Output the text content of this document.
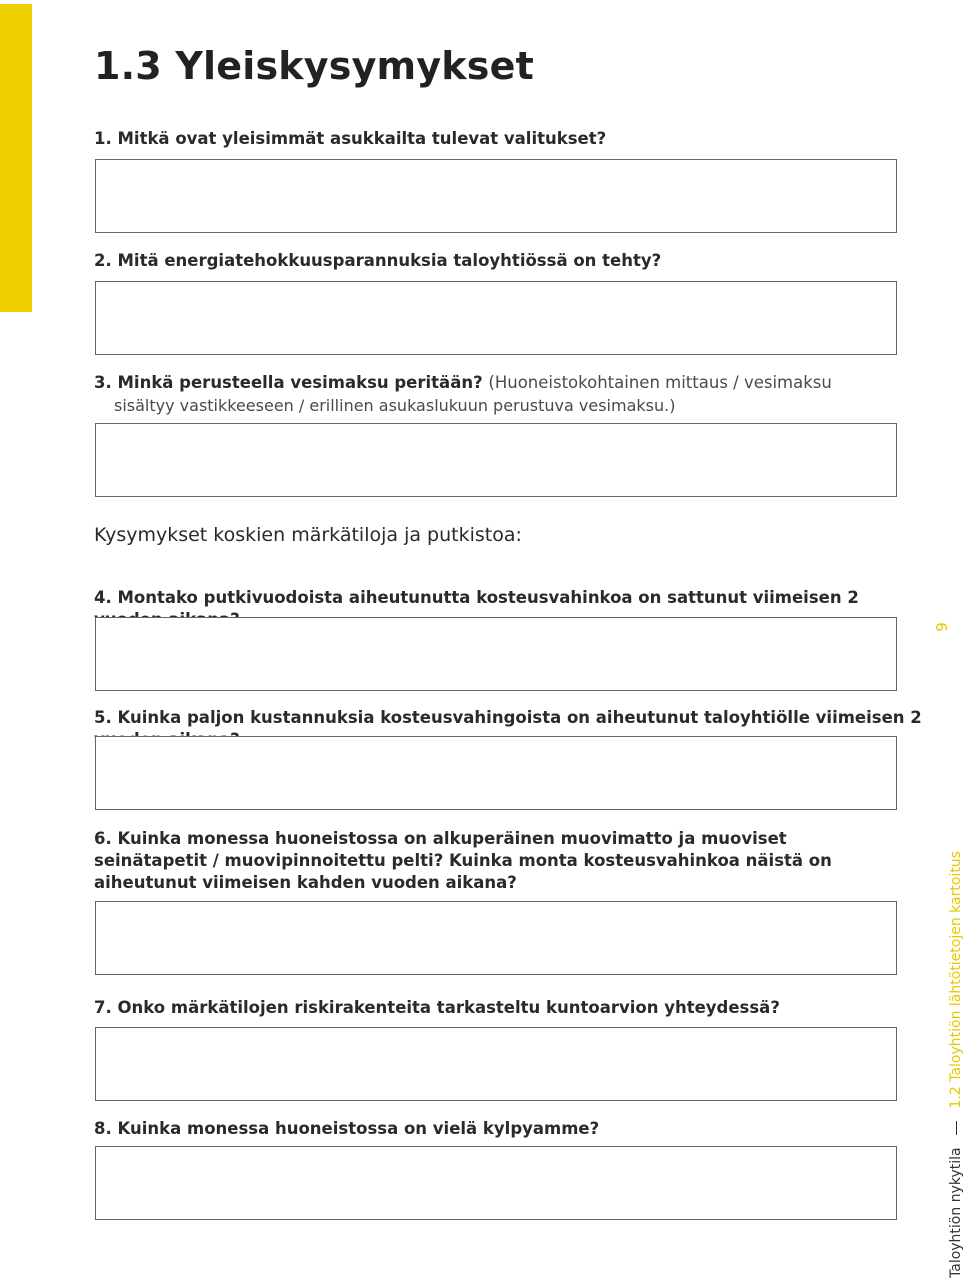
1.3 Yleiskysymykset

1. Mitkä ovat yleisimmät asukkailta tulevat valitukset?

2. Mitä energiatehokkuusparannuksia taloyhtiössä on tehty?

3. Minkä perusteella vesimaksu peritään? (Huoneistokohtainen mittaus / vesimaksu

sisältyy vastikkeeseen / erillinen asukaslukuun perustuva vesimaksu.)

Kysymykset koskien märkätiloja ja putkistoa:

4. Montako putkivuodoista aiheutunutta kosteusvahinkoa on sattunut viimeisen 2

5. Kuinka paljon kustannuksia kosteusvahingoista on aiheutunut taloyhtiölle viimeisen 2

6. Kuinka monessa huoneistossa on alkuperäinen muovimatto ja muoviset seinätapetit / muovipinnoitettu pelti? Kuinka monta kosteusvahinkoa näistä on aiheutunut viimeisen kahden vuoden aikana?

7. Onko märkätilojen riskirakenteita tarkasteltu kuntoarvion yhteydessä?

8. Kuinka monessa huoneistossa on vielä kylpyamme?

9
Taloyhtiön nykytila  1.2 Taloyhtiön lähtötietojen kartoitus
